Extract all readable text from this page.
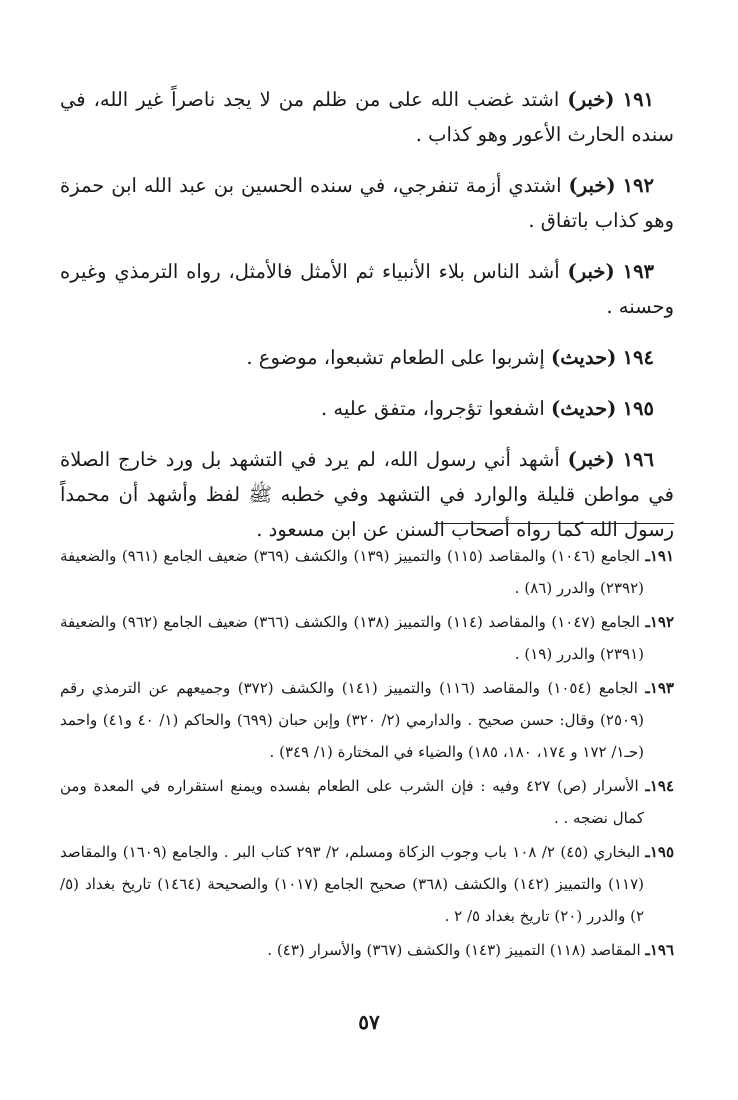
١٩١ (خبر) اشتد غضب الله على من ظلم من لا يجد ناصراً غير الله، في سنده الحارث الأعور وهو كذاب .

١٩٢ (خبر) اشتدي أزمة تنفرجي، في سنده الحسين بن عبد الله ابن حمزة وهو كذاب باتفاق .

١٩٣ (خبر) أشد الناس بلاء الأنبياء ثم الأمثل فالأمثل، رواه الترمذي وغيره وحسنه .

١٩٤ (حديث) إشربوا على الطعام تشبعوا، موضوع .

١٩٥ (حديث) اشفعوا تؤجروا، متفق عليه .

١٩٦ (خبر) أشهد أني رسول الله، لم يرد في التشهد بل ورد خارج الصلاة في مواطن قليلة والوارد في التشهد وفي خطبه ﷺ لفظ وأشهد أن محمداً رسول الله كما رواه أصحاب السنن عن ابن مسعود .

١٩١ـ الجامع (١٠٤٦) والمقاصد (١١٥) والتمييز (١٣٩) والكشف (٣٦٩) ضعيف الجامع (٩٦١) والضعيفة (٢٣٩٢) والدرر (٨٦) .

١٩٢ـ الجامع (١٠٤٧) والمقاصد (١١٤) والتمييز (١٣٨) والكشف (٣٦٦) ضعيف الجامع (٩٦٢) والضعيفة (٢٣٩١) والدرر (١٩) .

١٩٣ـ الجامع (١٠٥٤) والمقاصد (١١٦) والتمييز (١٤١) والكشف (٣٧٢) وجميعهم عن الترمذي رقم (٢٥٠٩) وقال: حسن صحيح . والدارمي (٢/ ٣٢٠) وإبن حبان (٦٩٩) والحاكم (١/ ٤٠ و٤١) واحمد (حـ١/ ١٧٢ و ١٧٤، ١٨٠، ١٨٥) والضياء في المختارة (١/ ٣٤٩) .

١٩٤ـ الأسرار (ص) ٤٢٧ وفيه : فإن الشرب على الطعام بفسده ويمنع استقراره في المعدة ومن كمال نضجه . .

١٩٥ـ البخاري (٤٥) ٢/ ١٠٨ باب وجوب الزكاة ومسلم، ٢/ ٢٩٣ كتاب البر . والجامع (١٦٠٩) والمقاصد (١١٧) والتمييز (١٤٢) والكشف (٣٦٨) صحيح الجامع (١٠١٧) والصحيحة (١٤٦٤) تاريخ بغداد (٥/ ٢) والدرر (٢٠) تاريخ بغداد ٥/ ٢ .

١٩٦ـ المقاصد (١١٨) التمييز (١٤٣) والكشف (٣٦٧) والأسرار (٤٣) .

٥٧
